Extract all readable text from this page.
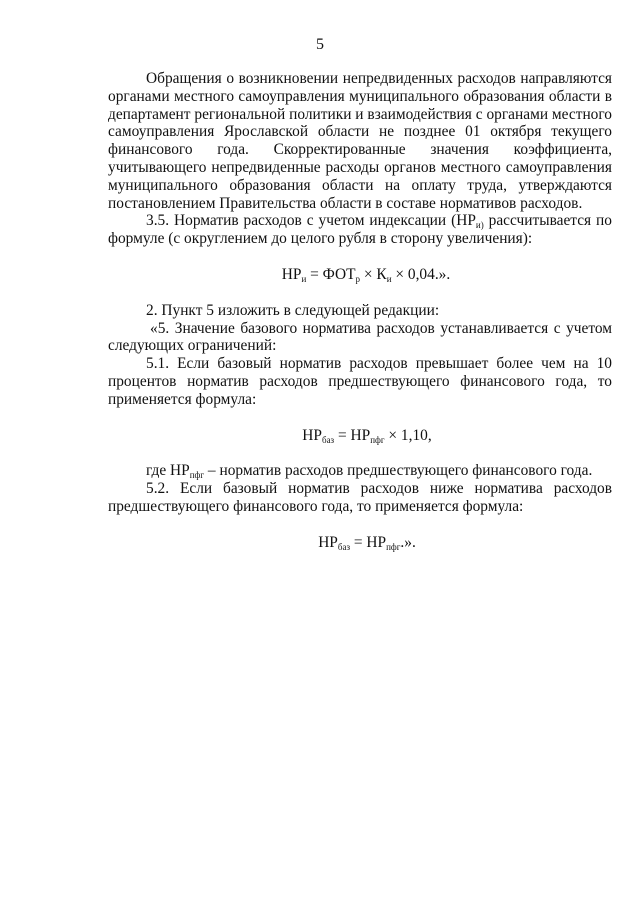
5

Обращения о возникновении непредвиденных расходов направляются органами местного самоуправления муниципального образования области в департамент региональной политики и взаимодействия с органами местного самоуправления Ярославской области не позднее 01 октября текущего финансового года. Скорректированные значения коэффициента, учитывающего непредвиденные расходы органов местного самоуправления муниципального образования области на оплату труда, утверждаются постановлением Правительства области в составе нормативов расходов.

3.5. Норматив расходов с учетом индексации ($НР_{и)}$ рассчитывается по формуле (с округлением до целого рубля в сторону увеличения):

$НР_и = ФОТ_р \times К_и \times 0,04$.».

2. Пункт 5 изложить в следующей редакции:

«5. Значение базового норматива расходов устанавливается с учетом следующих ограничений:

5.1. Если базовый норматив расходов превышает более чем на 10 процентов норматив расходов предшествующего финансового года, то применяется формула:

$НР_{баз} = НР_{пфг} \times 1,10$,

где $НР_{пфг}$ – норматив расходов предшествующего финансового года.

5.2. Если базовый норматив расходов ниже норматива расходов предшествующего финансового года, то применяется формула:

$НР_{баз} = НР_{пфг}$.».
